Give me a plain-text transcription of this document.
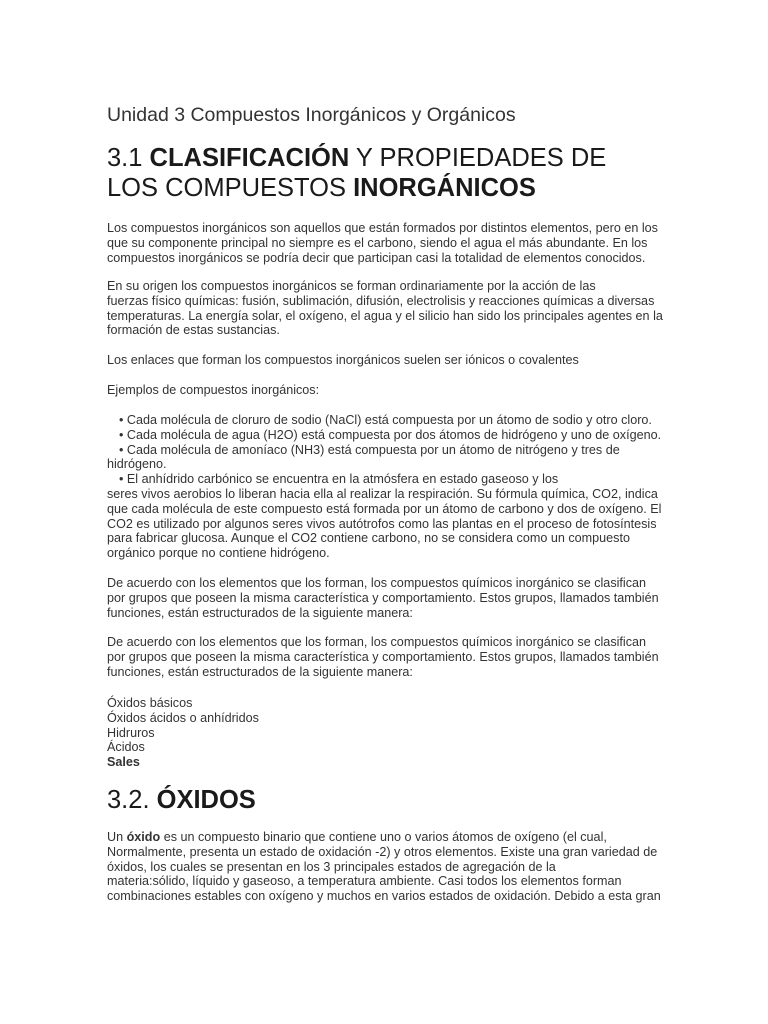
Unidad 3 Compuestos Inorgánicos y Orgánicos
3.1 CLASIFICACIÓN Y PROPIEDADES DE
LOS COMPUESTOS INORGÁNICOS

Los compuestos inorgánicos son aquellos que están formados por distintos elementos, pero en los

que su componente principal no siempre es el carbono, siendo el agua el más abundante. En los

compuestos inorgánicos se podría decir que participan casi la totalidad de elementos conocidos.

En su origen los compuestos inorgánicos se forman ordinariamente por la acción de las

fuerzas físico químicas: fusión, sublimación, difusión, electrolisis y reacciones químicas a diversas

temperaturas. La energía solar, el oxígeno, el agua y el silicio han sido los principales agentes en la

formación de estas sustancias.

Los enlaces que forman los compuestos inorgánicos suelen ser iónicos o covalentes

Ejemplos de compuestos inorgánicos:

• Cada molécula de cloruro de sodio (NaCl) está compuesta por un átomo de sodio y otro cloro.

• Cada molécula de agua (H2O) está compuesta por dos átomos de hidrógeno y uno de oxígeno.

• Cada molécula de amoníaco (NH3) está compuesta por un átomo de nitrógeno y tres de

hidrógeno.

• El anhídrido carbónico se encuentra en la atmósfera en estado gaseoso y los

seres vivos aerobios lo liberan hacia ella al realizar la respiración. Su fórmula química, CO2, indica

que cada molécula de este compuesto está formada por un átomo de carbono y dos de oxígeno. El

CO2 es utilizado por algunos seres vivos autótrofos como las plantas en el proceso de fotosíntesis

para fabricar glucosa. Aunque el CO2 contiene carbono, no se considera como un compuesto

orgánico porque no contiene hidrógeno.

De acuerdo con los elementos que los forman, los compuestos químicos inorgánico se clasifican

por grupos que poseen la misma característica y comportamiento. Estos grupos, llamados también

funciones, están estructurados de la siguiente manera:

De acuerdo con los elementos que los forman, los compuestos químicos inorgánico se clasifican

por grupos que poseen la misma característica y comportamiento. Estos grupos, llamados también

funciones, están estructurados de la siguiente manera:

Óxidos básicos

Óxidos ácidos o anhídridos

Hidruros

Ácidos

Sales

3.2. ÓXIDOS

Un óxido es un compuesto binario que contiene uno o varios átomos de oxígeno (el cual,

Normalmente, presenta un estado de oxidación -2) y otros elementos. Existe una gran variedad de

óxidos, los cuales se presentan en los 3 principales estados de agregación de la

materia:sólido, líquido y gaseoso, a temperatura ambiente. Casi todos los elementos forman

combinaciones estables con oxígeno y muchos en varios estados de oxidación. Debido a esta gran
